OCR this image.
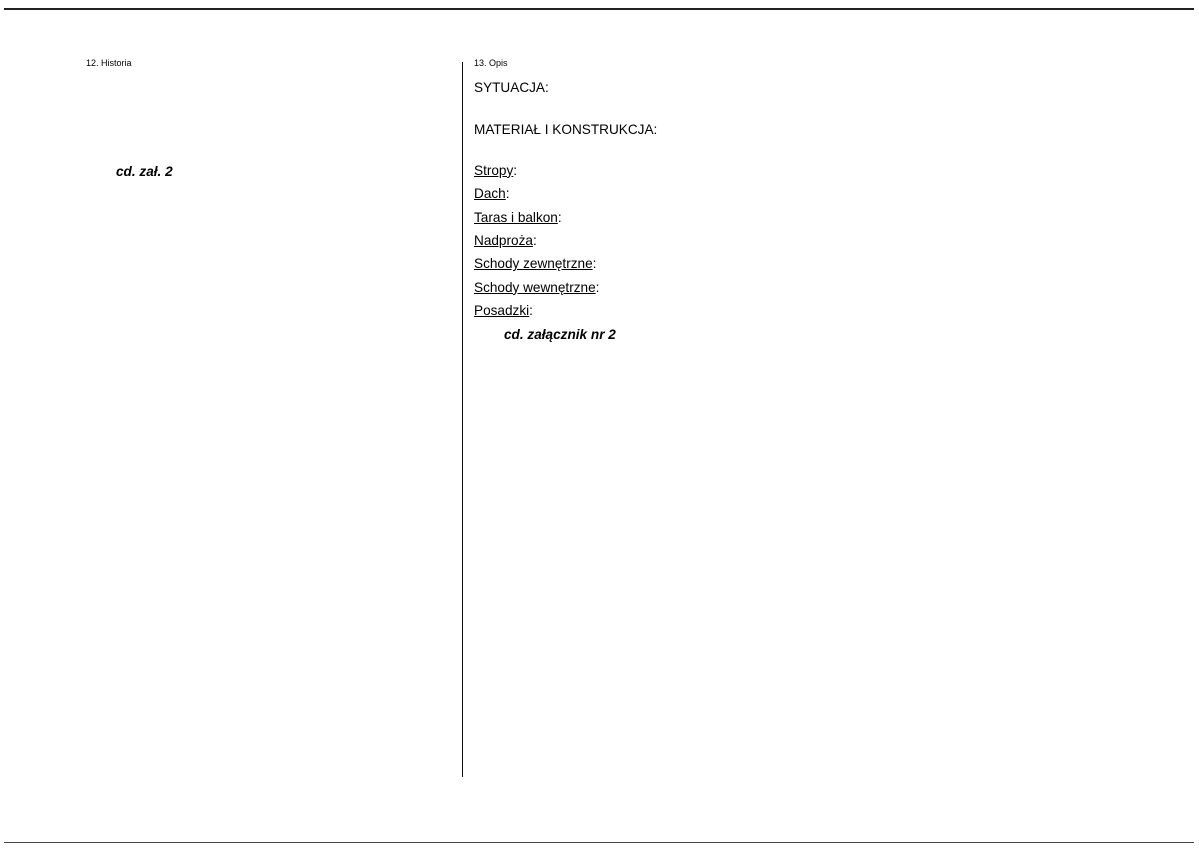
12. Historia

cd. zał. 2

13. Opis
SYTUACJA:

MATERIAŁ I KONSTRUKCJA:

Stropy:

Dach:

Taras i balkon:

Nadproża:

Schody zewnętrzne:

Schody wewnętrzne:

Posadzki:

cd. załącznik nr 2
